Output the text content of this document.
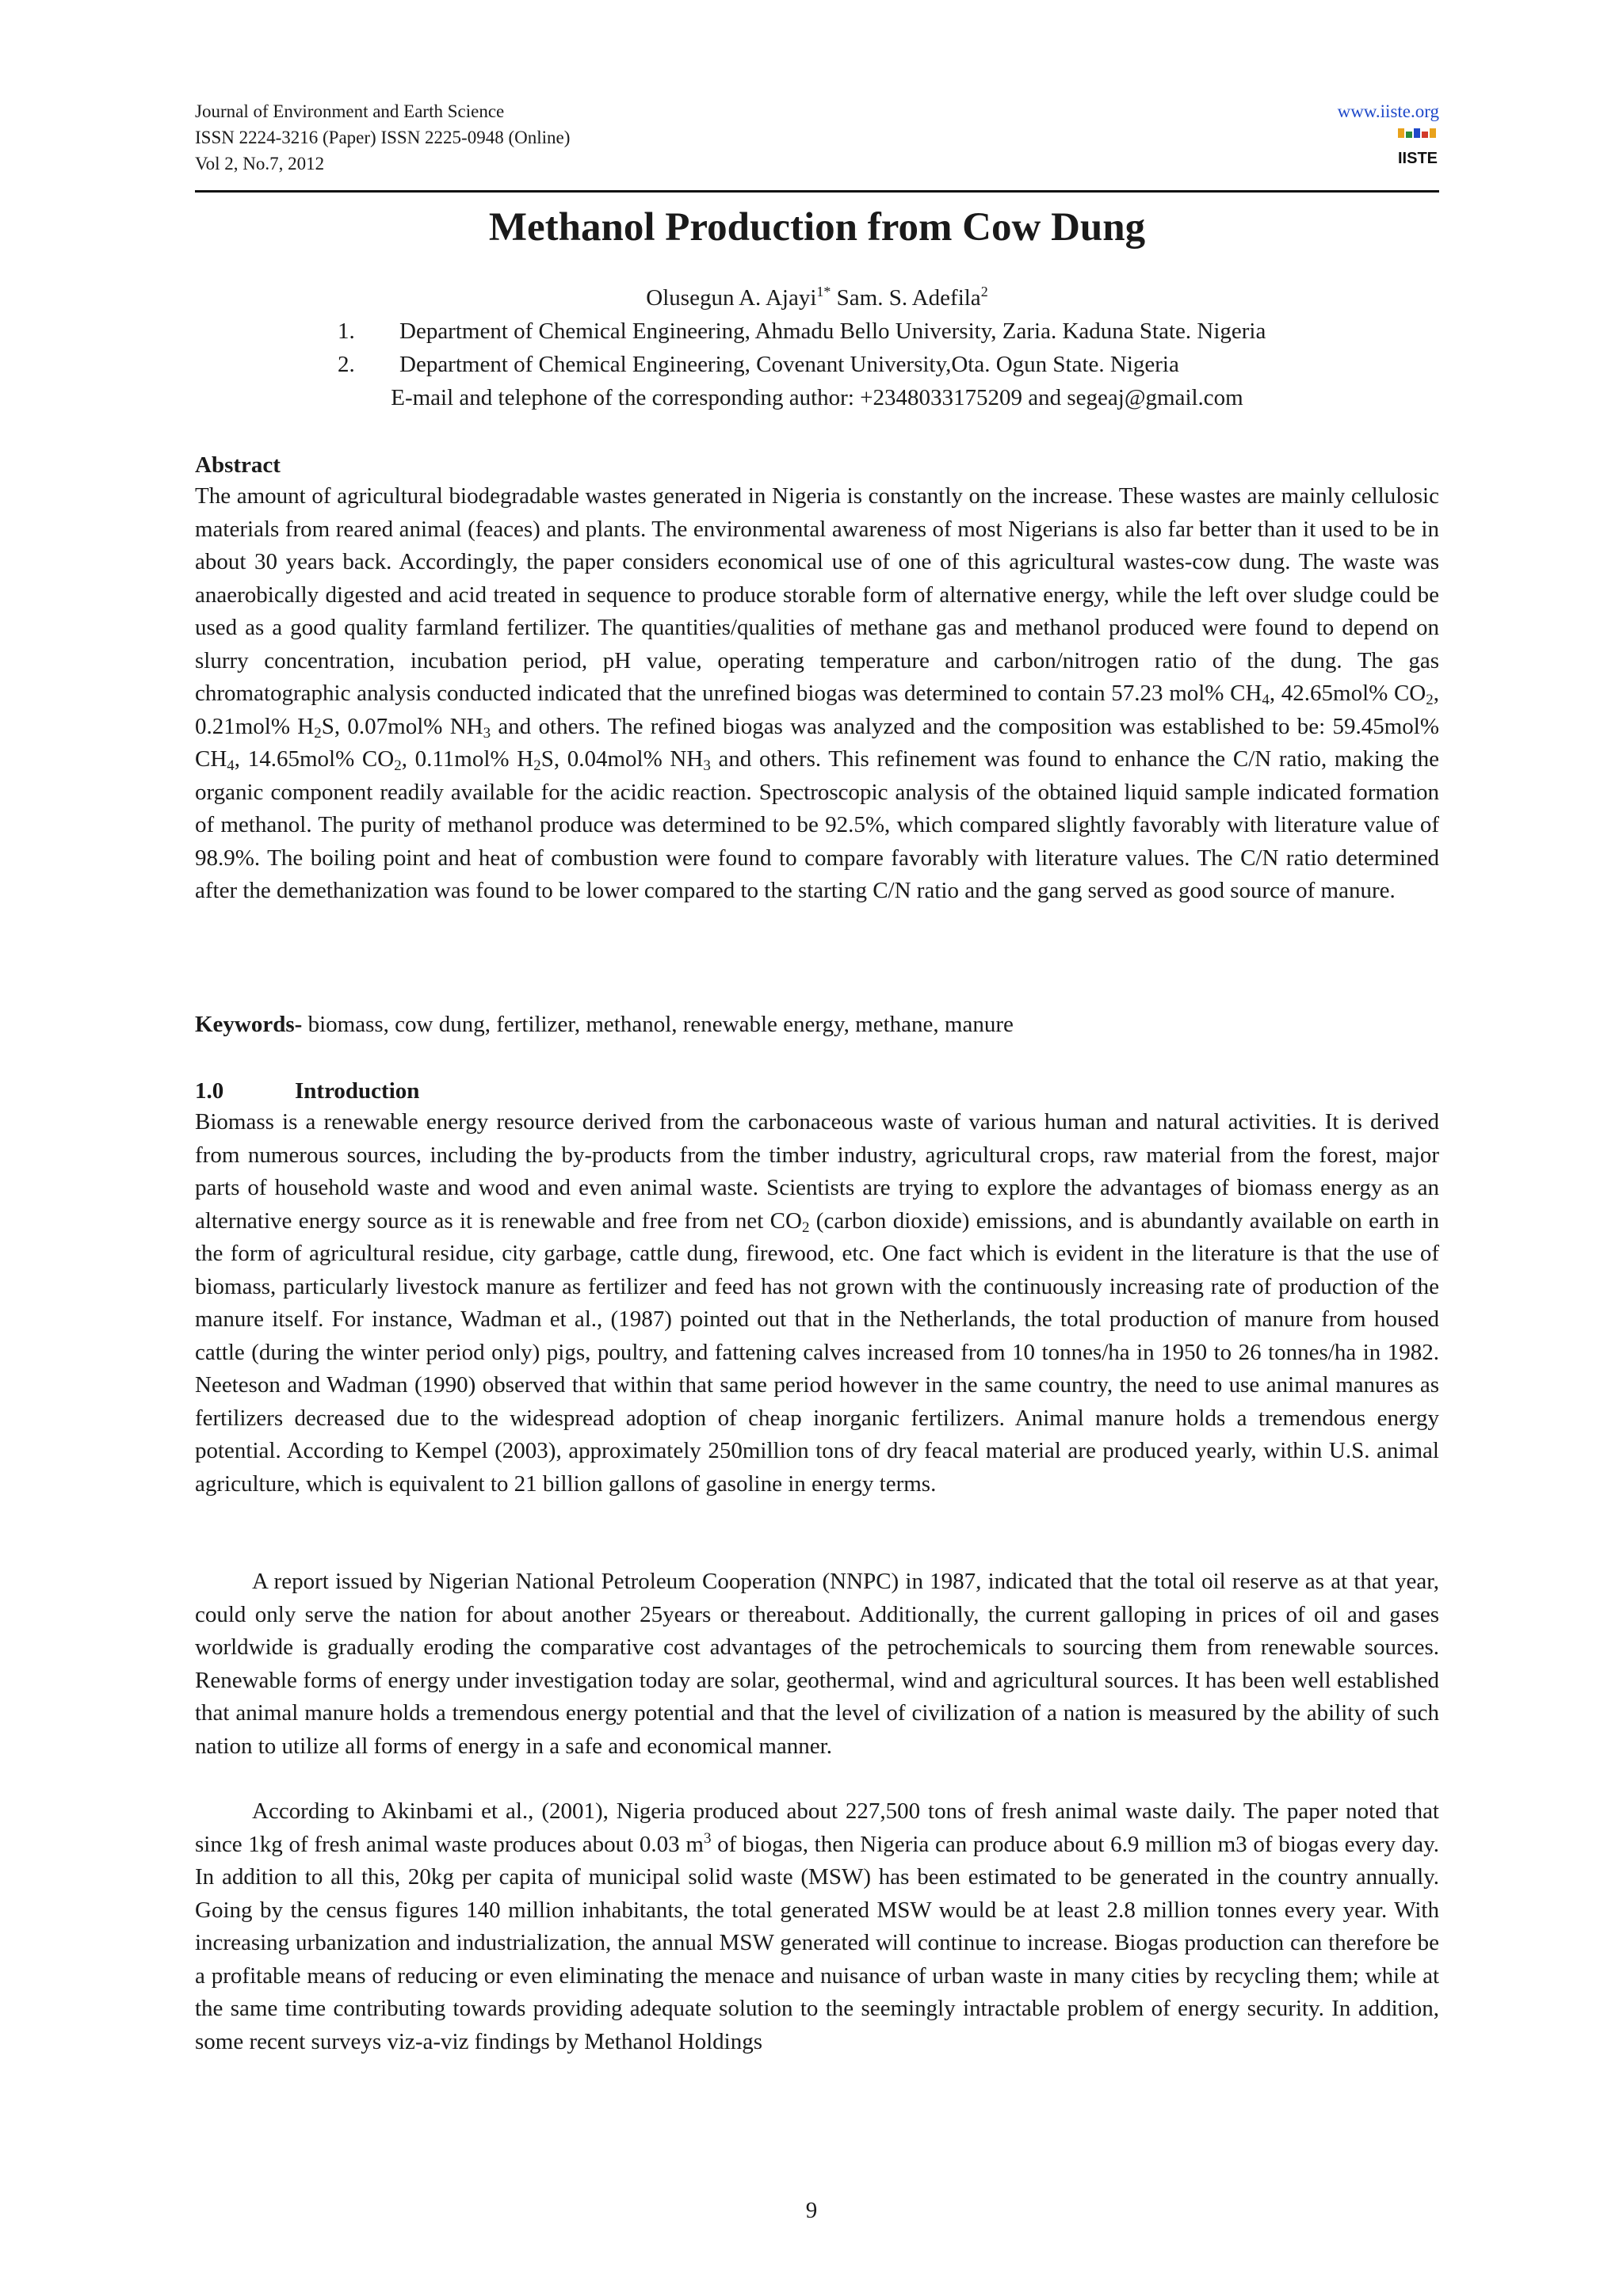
Journal of Environment and Earth Science
ISSN 2224-3216 (Paper) ISSN 2225-0948 (Online)
Vol 2, No.7, 2012
www.iiste.org
IISTE
Methanol Production from Cow Dung
Olusegun A. Ajayi$^{1*}$ Sam. S. Adefila$^2$
1. Department of Chemical Engineering, Ahmadu Bello University, Zaria. Kaduna State. Nigeria
2. Department of Chemical Engineering, Covenant University,Ota. Ogun State. Nigeria
E-mail and telephone of the corresponding author: +2348033175209 and segeaj@gmail.com
Abstract

The amount of agricultural biodegradable wastes generated in Nigeria is constantly on the increase. These wastes are mainly cellulosic materials from reared animal (feaces) and plants. The environmental awareness of most Nigerians is also far better than it used to be in about 30 years back. Accordingly, the paper considers economical use of one of this agricultural wastes-cow dung. The waste was anaerobically digested and acid treated in sequence to produce storable form of alternative energy, while the left over sludge could be used as a good quality farmland fertilizer. The quantities/qualities of methane gas and methanol produced were found to depend on slurry concentration, incubation period, pH value, operating temperature and carbon/nitrogen ratio of the dung. The gas chromatographic analysis conducted indicated that the unrefined biogas was determined to contain 57.23 mol% $CH_4$, 42.65mol% $CO_2$, 0.21mol% $H_2S$, 0.07mol% $NH_3$ and others. The refined biogas was analyzed and the composition was established to be: 59.45mol% $CH_4$, 14.65mol% $CO_2$, 0.11mol% $H_2S$, 0.04mol% $NH_3$ and others. This refinement was found to enhance the C/N ratio, making the organic component readily available for the acidic reaction. Spectroscopic analysis of the obtained liquid sample indicated formation of methanol. The purity of methanol produce was determined to be 92.5%, which compared slightly favorably with literature value of 98.9%. The boiling point and heat of combustion were found to compare favorably with literature values. The C/N ratio determined after the demethanization was found to be lower compared to the starting C/N ratio and the gang served as good source of manure.

Keywords- biomass, cow dung, fertilizer, methanol, renewable energy, methane, manure
1.0	Introduction

Biomass is a renewable energy resource derived from the carbonaceous waste of various human and natural activities. It is derived from numerous sources, including the by-products from the timber industry, agricultural crops, raw material from the forest, major parts of household waste and wood and even animal waste. Scientists are trying to explore the advantages of biomass energy as an alternative energy source as it is renewable and free from net $CO_2$ (carbon dioxide) emissions, and is abundantly available on earth in the form of agricultural residue, city garbage, cattle dung, firewood, etc. One fact which is evident in the literature is that the use of biomass, particularly livestock manure as fertilizer and feed has not grown with the continuously increasing rate of production of the manure itself. For instance, Wadman et al., (1987) pointed out that in the Netherlands, the total production of manure from housed cattle (during the winter period only) pigs, poultry, and fattening calves increased from 10 tonnes/ha in 1950 to 26 tonnes/ha in 1982. Neeteson and Wadman (1990) observed that within that same period however in the same country, the need to use animal manures as fertilizers decreased due to the widespread adoption of cheap inorganic fertilizers. Animal manure holds a tremendous energy potential. According to Kempel (2003), approximately 250million tons of dry feacal material are produced yearly, within U.S. animal agriculture, which is equivalent to 21 billion gallons of gasoline in energy terms.

A report issued by Nigerian National Petroleum Cooperation (NNPC) in 1987, indicated that the total oil reserve as at that year, could only serve the nation for about another 25years or thereabout. Additionally, the current galloping in prices of oil and gases worldwide is gradually eroding the comparative cost advantages of the petrochemicals to sourcing them from renewable sources. Renewable forms of energy under investigation today are solar, geothermal, wind and agricultural sources. It has been well established that animal manure holds a tremendous energy potential and that the level of civilization of a nation is measured by the ability of such nation to utilize all forms of energy in a safe and economical manner.

According to Akinbami et al., (2001), Nigeria produced about 227,500 tons of fresh animal waste daily. The paper noted that since 1kg of fresh animal waste produces about 0.03 $m^3$ of biogas, then Nigeria can produce about 6.9 million m3 of biogas every day. In addition to all this, 20kg per capita of municipal solid waste (MSW) has been estimated to be generated in the country annually. Going by the census figures 140 million inhabitants, the total generated MSW would be at least 2.8 million tonnes every year. With increasing urbanization and industrialization, the annual MSW generated will continue to increase. Biogas production can therefore be a profitable means of reducing or even eliminating the menace and nuisance of urban waste in many cities by recycling them; while at the same time contributing towards providing adequate solution to the seemingly intractable problem of energy security. In addition, some recent surveys viz-a-viz findings by Methanol Holdings

9
